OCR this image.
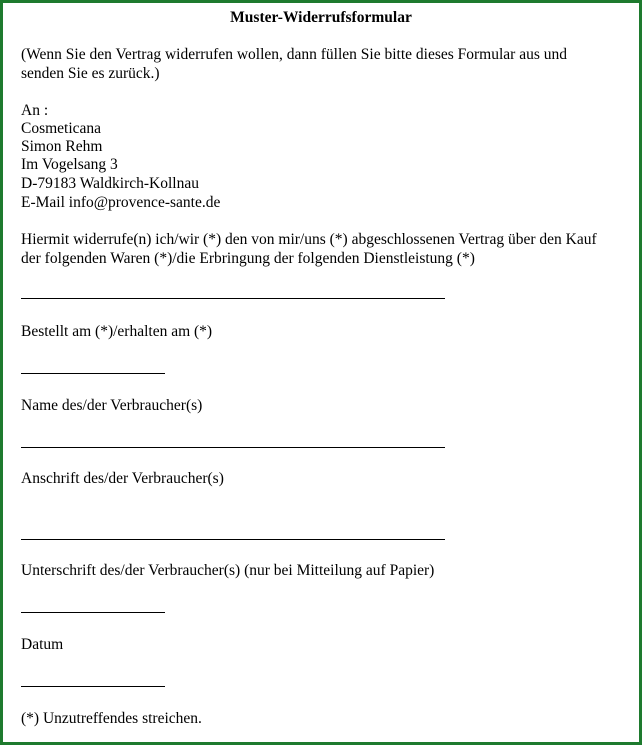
Muster-Widerrufsformular
(Wenn Sie den Vertrag widerrufen wollen, dann füllen Sie bitte dieses Formular aus und
senden Sie es zurück.)
An :
Cosmeticana
Simon Rehm
Im Vogelsang 3
D-79183 Waldkirch-Kollnau
E-Mail info@provence-sante.de
Hiermit widerrufe(n) ich/wir (*) den von mir/uns (*) abgeschlossenen Vertrag über den Kauf
der folgenden Waren (*)/die Erbringung der folgenden Dienstleistung (*)
Bestellt am (*)/erhalten am (*)
Name des/der Verbraucher(s)
Anschrift des/der Verbraucher(s)
Unterschrift des/der Verbraucher(s) (nur bei Mitteilung auf Papier)
Datum
(*) Unzutreffendes streichen.
